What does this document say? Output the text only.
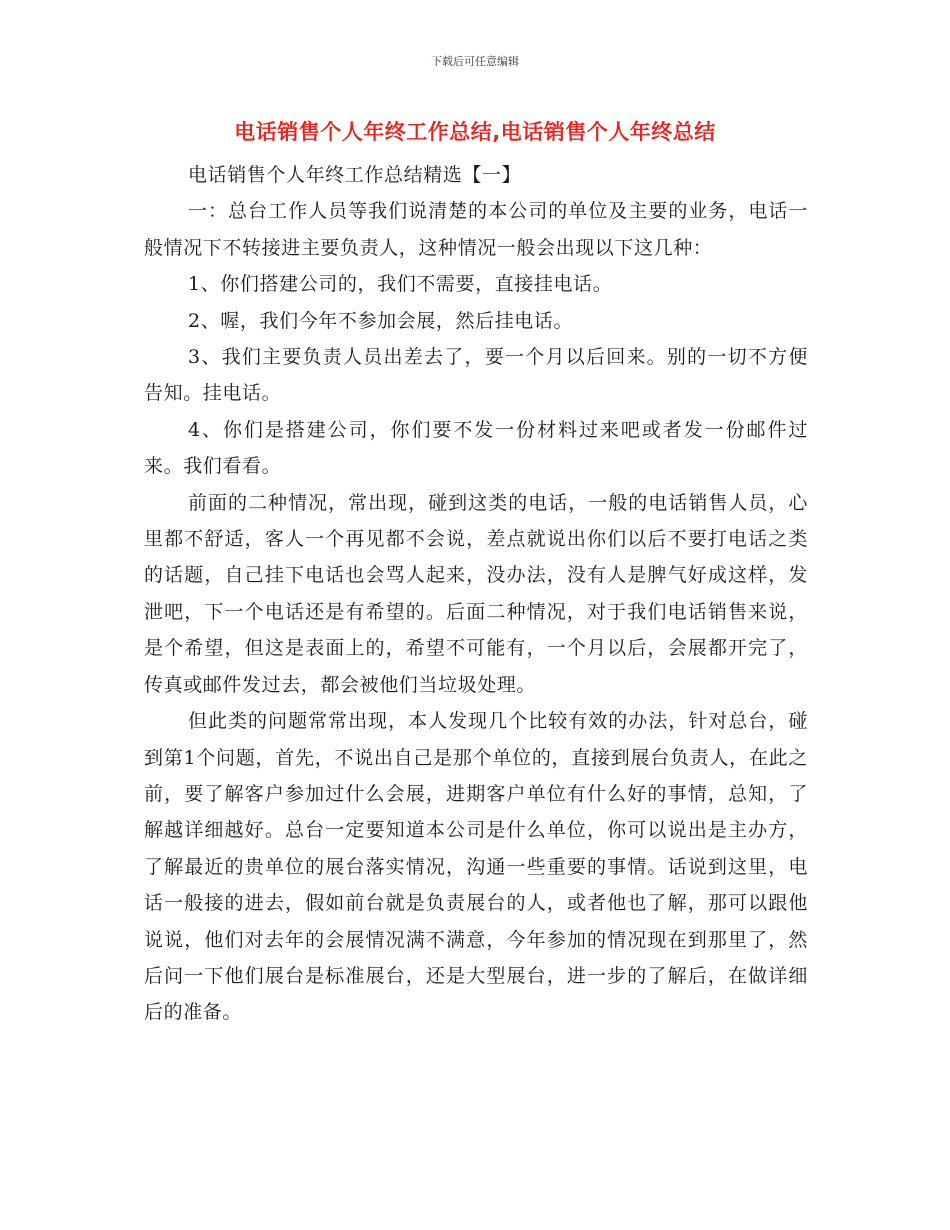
下载后可任意编辑
电话销售个人年终工作总结,电话销售个人年终总结

电话销售个人年终工作总结精选【一】

一：总台工作人员等我们说清楚的本公司的单位及主要的业务，电话一般情况下不转接进主要负责人，这种情况一般会出现以下这几种：

1、你们搭建公司的，我们不需要，直接挂电话。

2、喔，我们今年不参加会展，然后挂电话。

3、我们主要负责人员出差去了，要一个月以后回来。别的一切不方便告知。挂电话。

4、你们是搭建公司，你们要不发一份材料过来吧或者发一份邮件过来。我们看看。

前面的二种情况，常出现，碰到这类的电话，一般的电话销售人员，心里都不舒适，客人一个再见都不会说，差点就说出你们以后不要打电话之类的话题，自己挂下电话也会骂人起来，没办法，没有人是脾气好成这样，发泄吧，下一个电话还是有希望的。后面二种情况，对于我们电话销售来说，是个希望，但这是表面上的，希望不可能有，一个月以后，会展都开完了，传真或邮件发过去，都会被他们当垃圾处理。

但此类的问题常常出现，本人发现几个比较有效的办法，针对总台，碰到第1个问题，首先，不说出自己是那个单位的，直接到展台负责人，在此之前，要了解客户参加过什么会展，进期客户单位有什么好的事情，总知，了解越详细越好。总台一定要知道本公司是什么单位，你可以说出是主办方，了解最近的贵单位的展台落实情况，沟通一些重要的事情。话说到这里，电话一般接的进去，假如前台就是负责展台的人，或者他也了解，那可以跟他说说，他们对去年的会展情况满不满意，今年参加的情况现在到那里了，然后问一下他们展台是标准展台，还是大型展台，进一步的了解后，在做详细后的准备。
